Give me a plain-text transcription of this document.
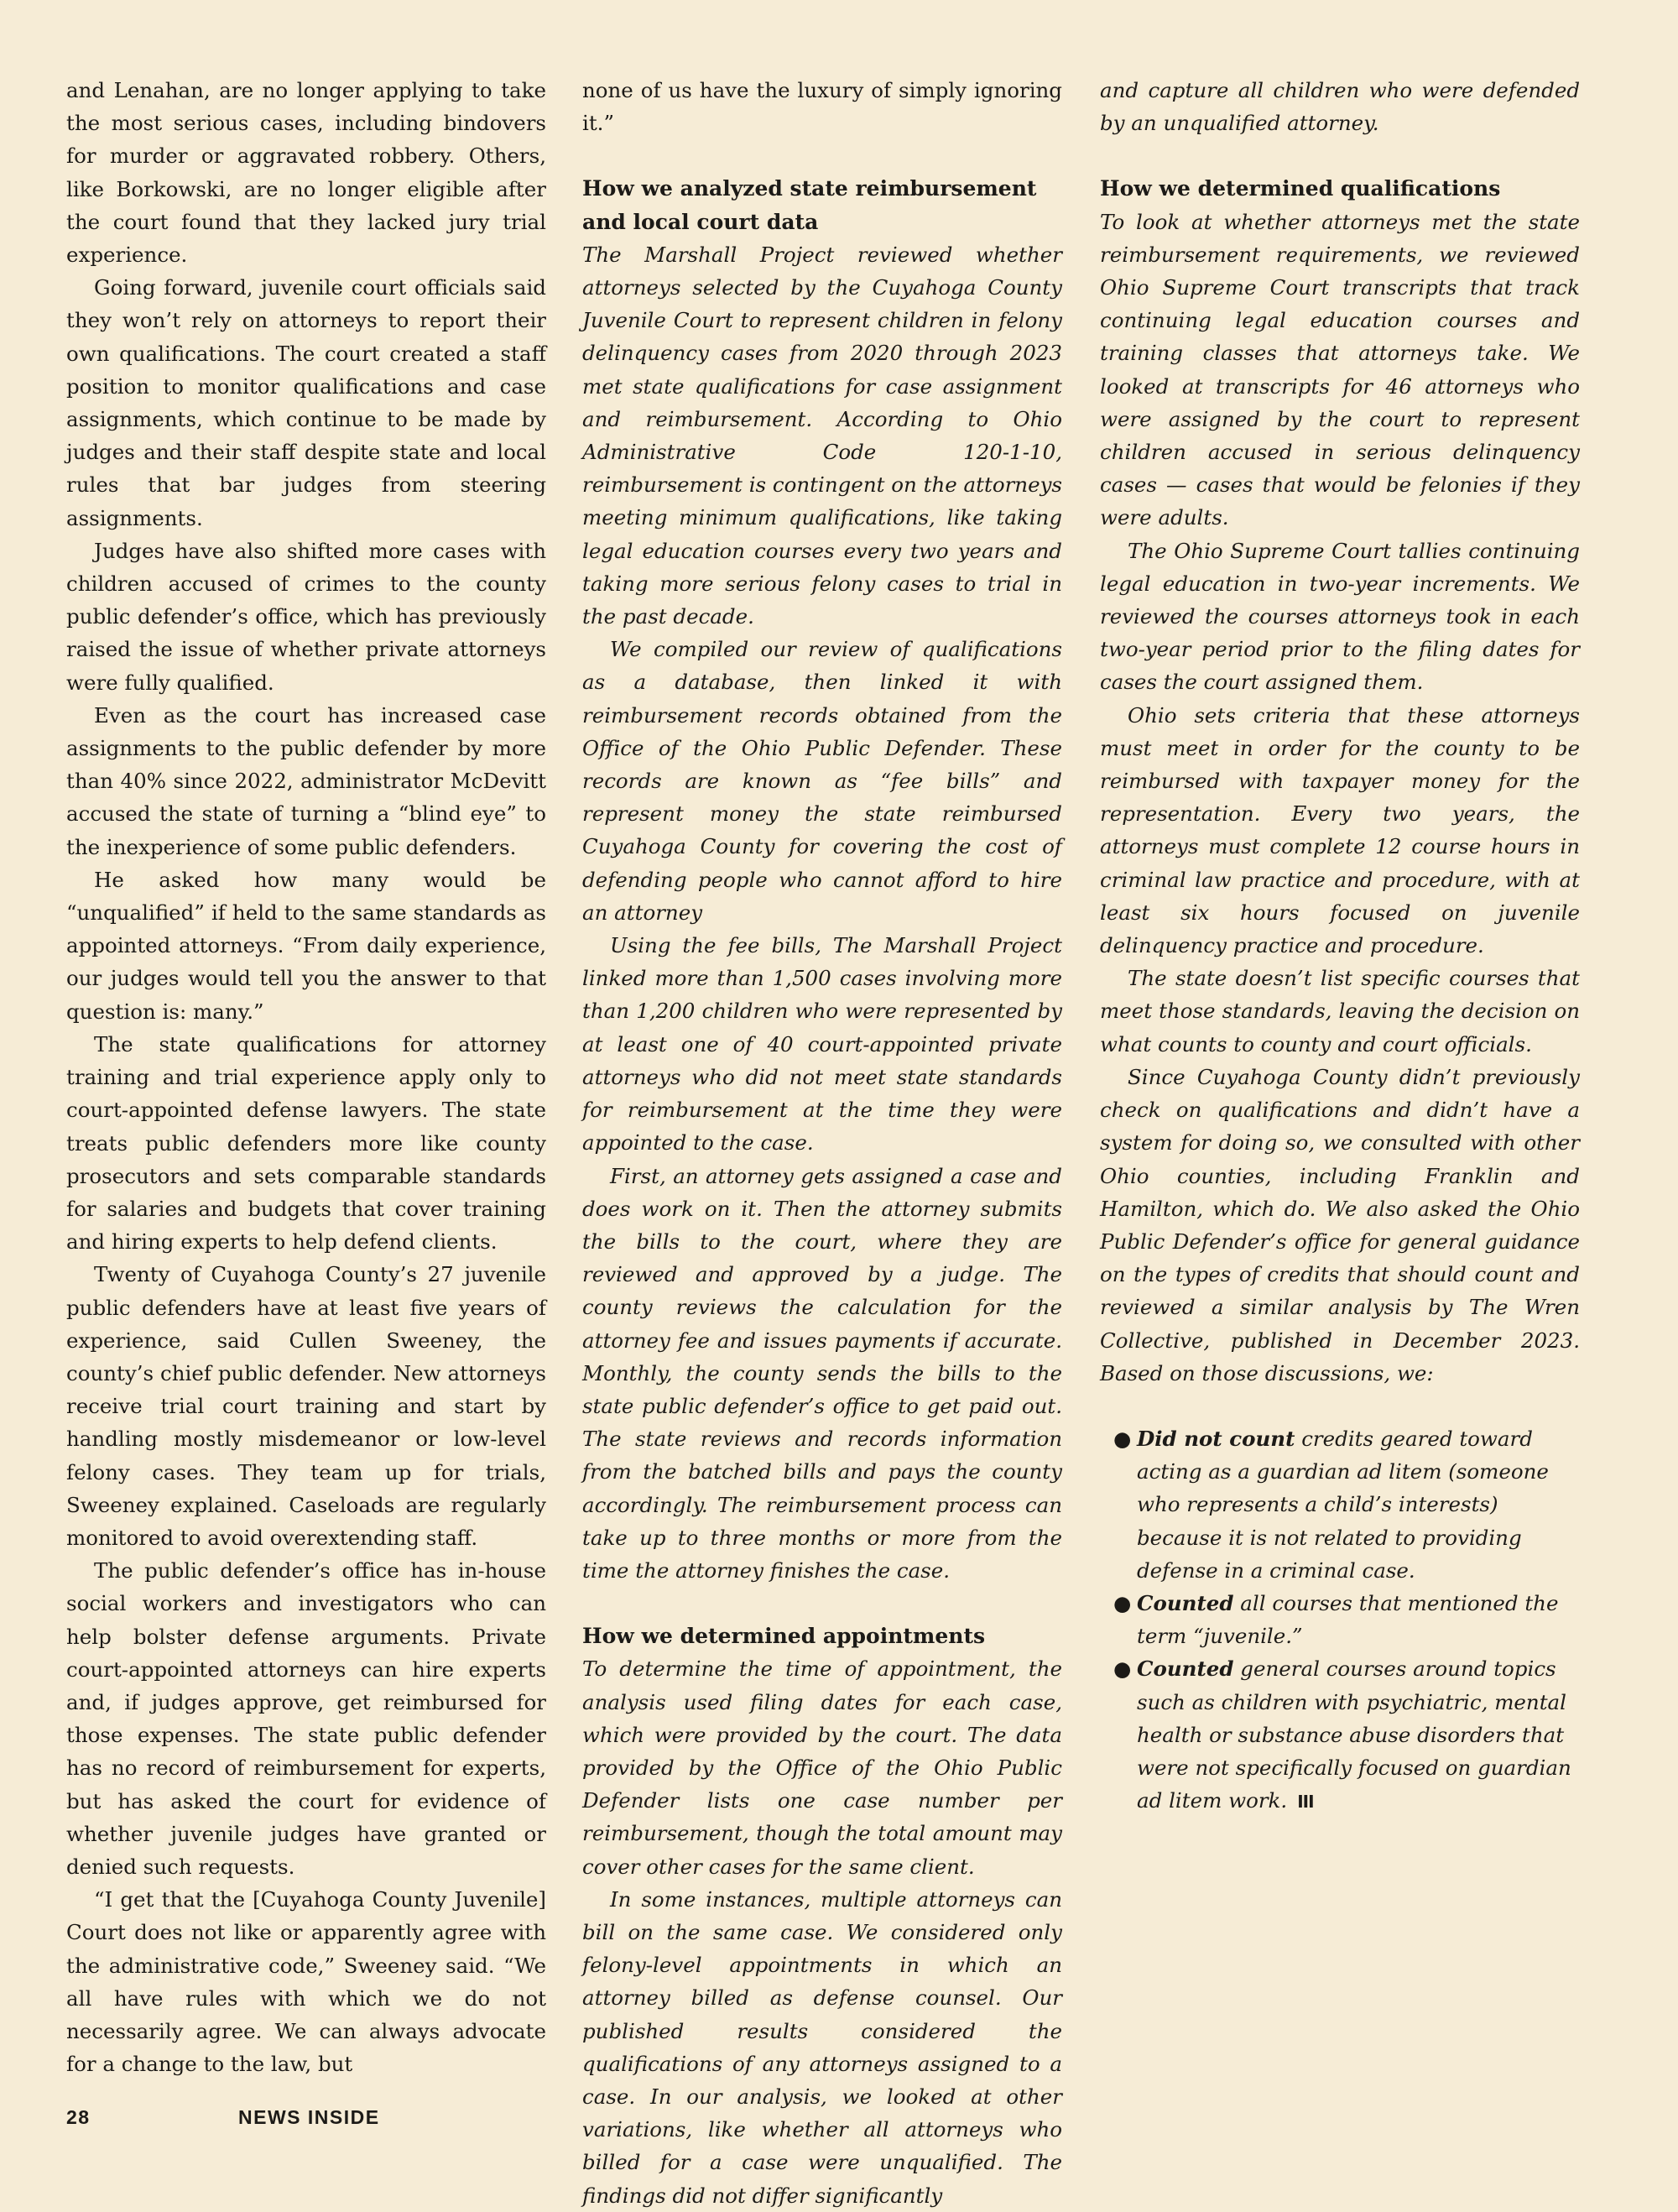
and Lenahan, are no longer applying to take the most serious cases, including bindovers for murder or aggravated robbery. Others, like Borkowski, are no longer eligible after the court found that they lacked jury trial experience.

Going forward, juvenile court officials said they won’t rely on attorneys to report their own qualifications. The court created a staff position to monitor qualifications and case assignments, which continue to be made by judges and their staff despite state and local rules that bar judges from steering assignments.

Judges have also shifted more cases with children accused of crimes to the county public defender’s office, which has previously raised the issue of whether private attorneys were fully qualified.

Even as the court has increased case assignments to the public defender by more than 40% since 2022, administrator McDevitt accused the state of turning a “blind eye” to the inexperience of some public defenders.

He asked how many would be “unqualified” if held to the same standards as appointed attorneys. “From daily experience, our judges would tell you the answer to that question is: many.”

The state qualifications for attorney training and trial experience apply only to court-appointed defense lawyers. The state treats public defenders more like county prosecutors and sets comparable standards for salaries and budgets that cover training and hiring experts to help defend clients.

Twenty of Cuyahoga County’s 27 juvenile public defenders have at least five years of experience, said Cullen Sweeney, the county’s chief public defender. New attorneys receive trial court training and start by handling mostly misdemeanor or low-level felony cases. They team up for trials, Sweeney explained. Caseloads are regularly monitored to avoid overextending staff.

The public defender’s office has in-house social workers and investigators who can help bolster defense arguments. Private court-appointed attorneys can hire experts and, if judges approve, get reimbursed for those expenses. The state public defender has no record of reimbursement for experts, but has asked the court for evidence of whether juvenile judges have granted or denied such requests.

“I get that the [Cuyahoga County Juvenile] Court does not like or apparently agree with the administrative code,” Sweeney said. “We all have rules with which we do not necessarily agree. We can always advocate for a change to the law, but

none of us have the luxury of simply ignoring it.”

How we analyzed state reimbursement and local court data

The Marshall Project reviewed whether attorneys selected by the Cuyahoga County Juvenile Court to represent children in felony delinquency cases from 2020 through 2023 met state qualifications for case assignment and reimbursement. According to Ohio Administrative Code 120-1-10, reimbursement is contingent on the attorneys meeting minimum qualifications, like taking legal education courses every two years and taking more serious felony cases to trial in the past decade.

We compiled our review of qualifications as a database, then linked it with reimbursement records obtained from the Office of the Ohio Public Defender. These records are known as “fee bills” and represent money the state reimbursed Cuyahoga County for covering the cost of defending people who cannot afford to hire an attorney

Using the fee bills, The Marshall Project linked more than 1,500 cases involving more than 1,200 children who were represented by at least one of 40 court-appointed private attorneys who did not meet state standards for reimbursement at the time they were appointed to the case.

First, an attorney gets assigned a case and does work on it. Then the attorney submits the bills to the court, where they are reviewed and approved by a judge. The county reviews the calculation for the attorney fee and issues payments if accurate. Monthly, the county sends the bills to the state public defender’s office to get paid out. The state reviews and records information from the batched bills and pays the county accordingly. The reimbursement process can take up to three months or more from the time the attorney finishes the case.

How we determined appointments

To determine the time of appointment, the analysis used filing dates for each case, which were provided by the court. The data provided by the Office of the Ohio Public Defender lists one case number per reimbursement, though the total amount may cover other cases for the same client.

In some instances, multiple attorneys can bill on the same case. We considered only felony-level appointments in which an attorney billed as defense counsel. Our published results considered the qualifications of any attorneys assigned to a case. In our analysis, we looked at other variations, like whether all attorneys who billed for a case were unqualified. The findings did not differ significantly

and capture all children who were defended by an unqualified attorney.

How we determined qualifications

To look at whether attorneys met the state reimbursement requirements, we reviewed Ohio Supreme Court transcripts that track continuing legal education courses and training classes that attorneys take. We looked at transcripts for 46 attorneys who were assigned by the court to represent children accused in serious delinquency cases — cases that would be felonies if they were adults.

The Ohio Supreme Court tallies continuing legal education in two-year increments. We reviewed the courses attorneys took in each two-year period prior to the filing dates for cases the court assigned them.

Ohio sets criteria that these attorneys must meet in order for the county to be reimbursed with taxpayer money for the representation. Every two years, the attorneys must complete 12 course hours in criminal law practice and procedure, with at least six hours focused on juvenile delinquency practice and procedure.

The state doesn’t list specific courses that meet those standards, leaving the decision on what counts to county and court officials.

Since Cuyahoga County didn’t previously check on qualifications and didn’t have a system for doing so, we consulted with other Ohio counties, including Franklin and Hamilton, which do. We also asked the Ohio Public Defender’s office for general guidance on the types of credits that should count and reviewed a similar analysis by The Wren Collective, published in December 2023. Based on those discussions, we:

● Did not count credits geared toward acting as a guardian ad litem (someone who represents a child’s interests) because it is not related to providing defense in a criminal case.
● Counted all courses that mentioned the term “juvenile.”
● Counted general courses around topics such as children with psychiatric, mental health or substance abuse disorders that were not specifically focused on guardian ad litem work. III
28	NEWS INSIDE
